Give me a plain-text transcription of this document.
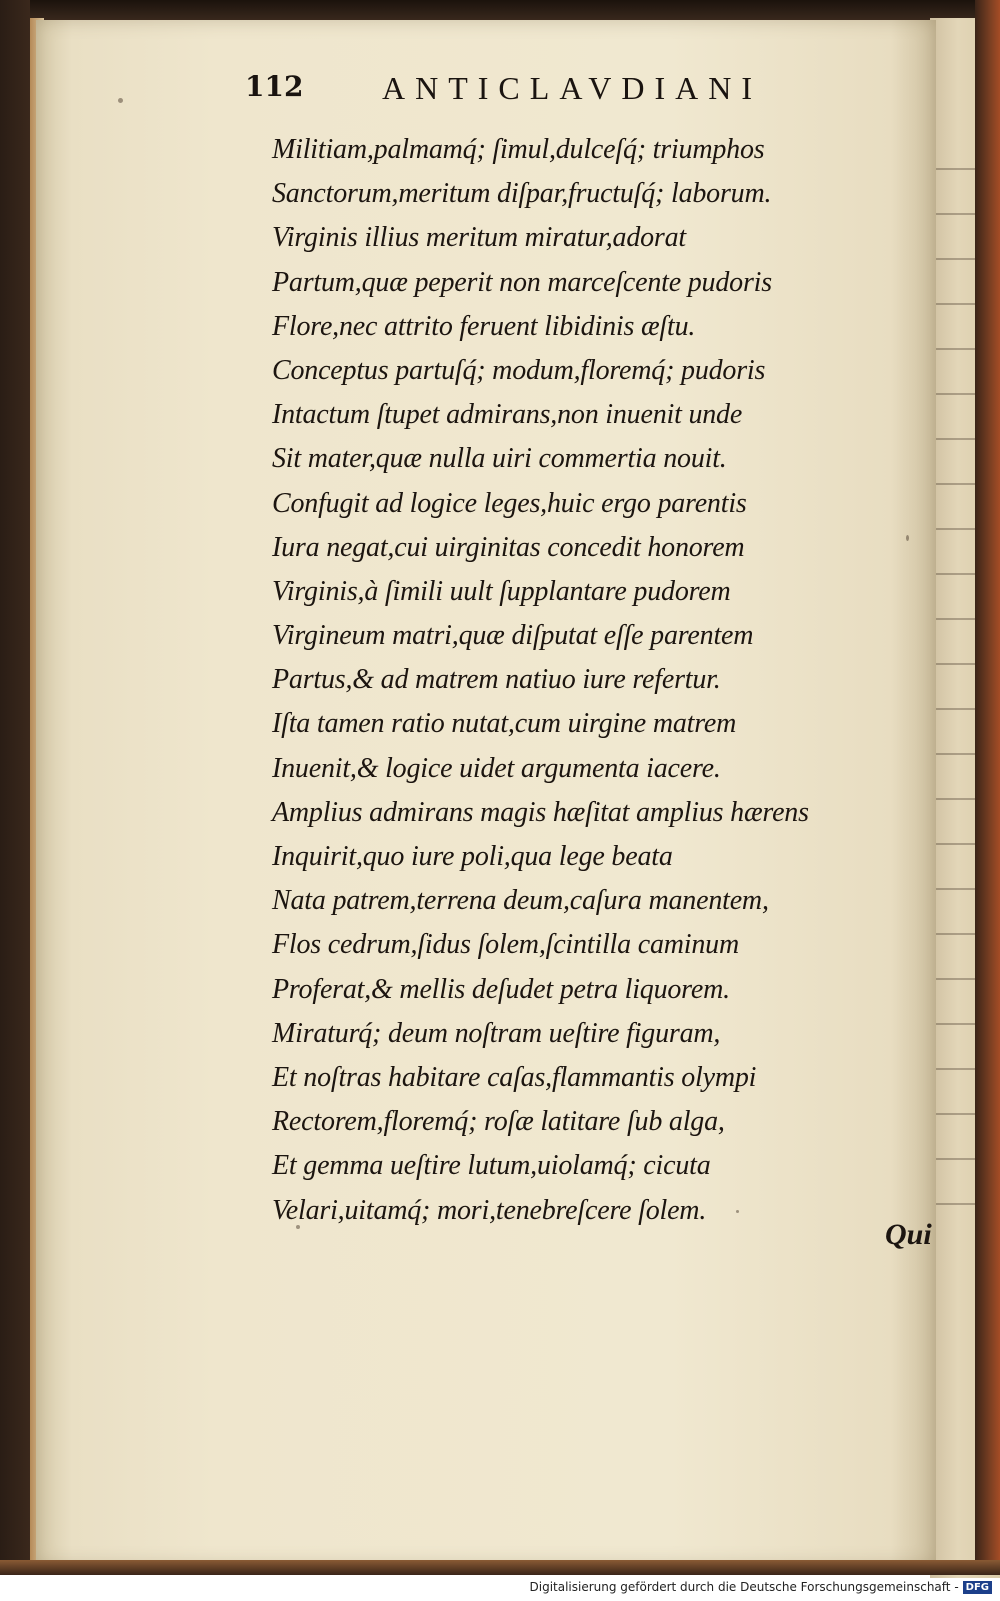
112 ANTICLAVDIANI
Militiam,palmamq́; ſimul,dulceſq́; triumphos
Sanctorum,meritum diſpar,fructuſq́; laborum.
Virginis illius meritum miratur,adorat
Partum,quæ peperit non marceſcente pudoris
Flore,nec attrito feruent libidinis æſtu.
Conceptus partuſq́; modum,floremq́; pudoris
Intactum ſtupet admirans,non inuenit unde
Sit mater,quæ nulla uiri commertia nouit.
Confugit ad logice leges,huic ergo parentis
Iura negat,cui uirginitas concedit honorem
Virginis,à ſimili uult ſupplantare pudorem
Virgineum matri,quæ diſputat eſſe parentem
Partus,& ad matrem natiuo iure refertur.
Iſta tamen ratio nutat,cum uirgine matrem
Inuenit,& logice uidet argumenta iacere.
Amplius admirans magis hæſitat amplius hærens
Inquirit,quo iure poli,qua lege beata
Nata patrem,terrena deum,caſura manentem,
Flos cedrum,ſidus ſolem,ſcintilla caminum
Proferat,& mellis deſudet petra liquorem.
Miraturq́; deum noſtram ueſtire figuram,
Et noſtras habitare caſas,flammantis olympi
Rectorem,floremq́; roſæ latitare ſub alga,
Et gemma ueſtire lutum,uiolamq́; cicuta
Velari,uitamq́; mori,tenebreſcere ſolem.
Qui
Digitalisierung gefördert durch die Deutsche Forschungsgemeinschaft - DFG
